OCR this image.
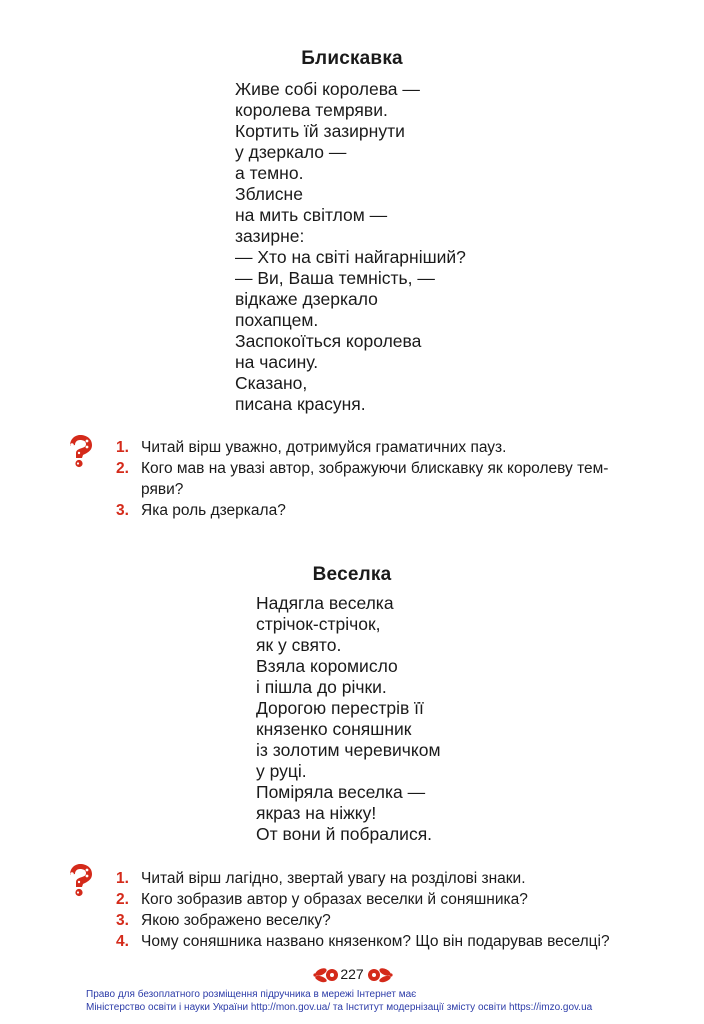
Блискавка
Живе собі королева —
королева темряви.
Кортить їй зазирнути
у дзеркало —
а темно.
Зблисне
на мить світлом —
зазирне:
— Хто на світі найгарніший?
— Ви, Ваша темність, —
відкаже дзеркало
похапцем.
Заспокоїться королева
на часину.
Сказано,
писана красуня.
1. Читай вірш уважно, дотримуйся граматичних пауз.
2. Кого мав на увазі автор, зображуючи блискавку як королеву тем-
ряви?
3. Яка роль дзеркала?
Веселка
Надягла веселка
стрічок-стрічок,
як у свято.
Взяла коромисло
і пішла до річки.
Дорогою перестрів її
князенко соняшник
із золотим черевичком
у руці.
Поміряла веселка —
якраз на ніжку!
От вони й побралися.
1. Читай вірш лагідно, звертай увагу на розділові знаки.
2. Кого зобразив автор у образах веселки й соняшника?
3. Якою зображено веселку?
4. Чому соняшника названо князенком? Що він подарував веселці?
227
Право для безоплатного розміщення підручника в мережі Інтернет має
Міністерство освіти і науки України http://mon.gov.ua/ та Інститут модернізації змісту освіти https://imzo.gov.ua
